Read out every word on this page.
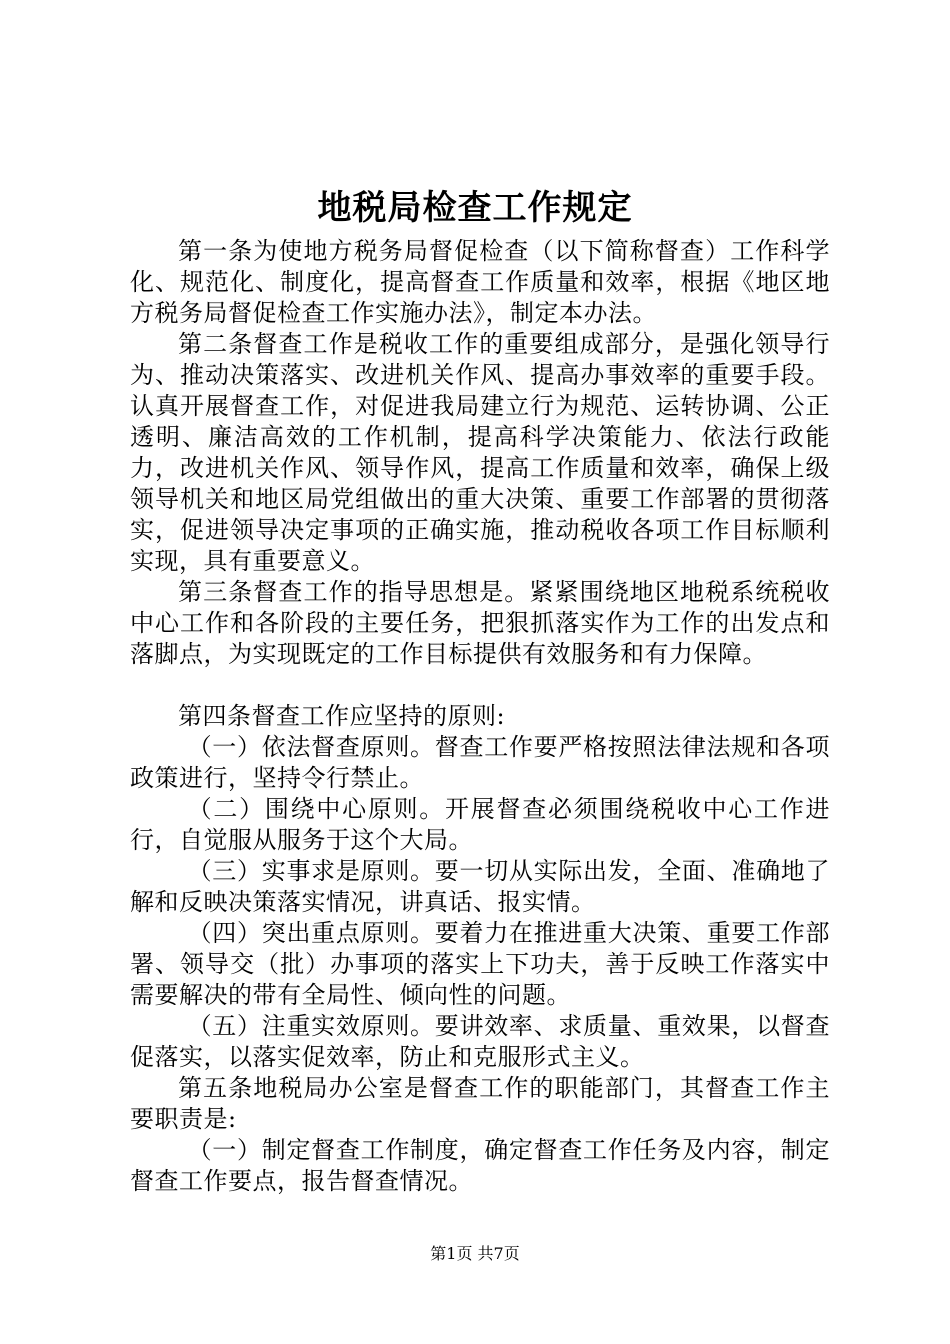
地税局检查工作规定

第一条为使地方税务局督促检查（以下简称督查）工作科学化、规范化、制度化，提高督查工作质量和效率，根据《地区地方税务局督促检查工作实施办法》，制定本办法。

第二条督查工作是税收工作的重要组成部分，是强化领导行为、推动决策落实、改进机关作风、提高办事效率的重要手段。认真开展督查工作，对促进我局建立行为规范、运转协调、公正透明、廉洁高效的工作机制，提高科学决策能力、依法行政能力，改进机关作风、领导作风，提高工作质量和效率，确保上级领导机关和地区局党组做出的重大决策、重要工作部署的贯彻落实，促进领导决定事项的正确实施，推动税收各项工作目标顺利实现，具有重要意义。

第三条督查工作的指导思想是。紧紧围绕地区地税系统税收中心工作和各阶段的主要任务，把狠抓落实作为工作的出发点和落脚点，为实现既定的工作目标提供有效服务和有力保障。

第四条督查工作应坚持的原则:

（一）依法督查原则。督查工作要严格按照法律法规和各项政策进行，坚持令行禁止。

（二）围绕中心原则。开展督查必须围绕税收中心工作进行，自觉服从服务于这个大局。

（三）实事求是原则。要一切从实际出发，全面、准确地了解和反映决策落实情况，讲真话、报实情。

（四）突出重点原则。要着力在推进重大决策、重要工作部署、领导交（批）办事项的落实上下功夫，善于反映工作落实中需要解决的带有全局性、倾向性的问题。

（五）注重实效原则。要讲效率、求质量、重效果，以督查促落实，以落实促效率，防止和克服形式主义。

第五条地税局办公室是督查工作的职能部门，其督查工作主要职责是:

（一）制定督查工作制度，确定督查工作任务及内容，制定督查工作要点，报告督查情况。

第1页 共7页
